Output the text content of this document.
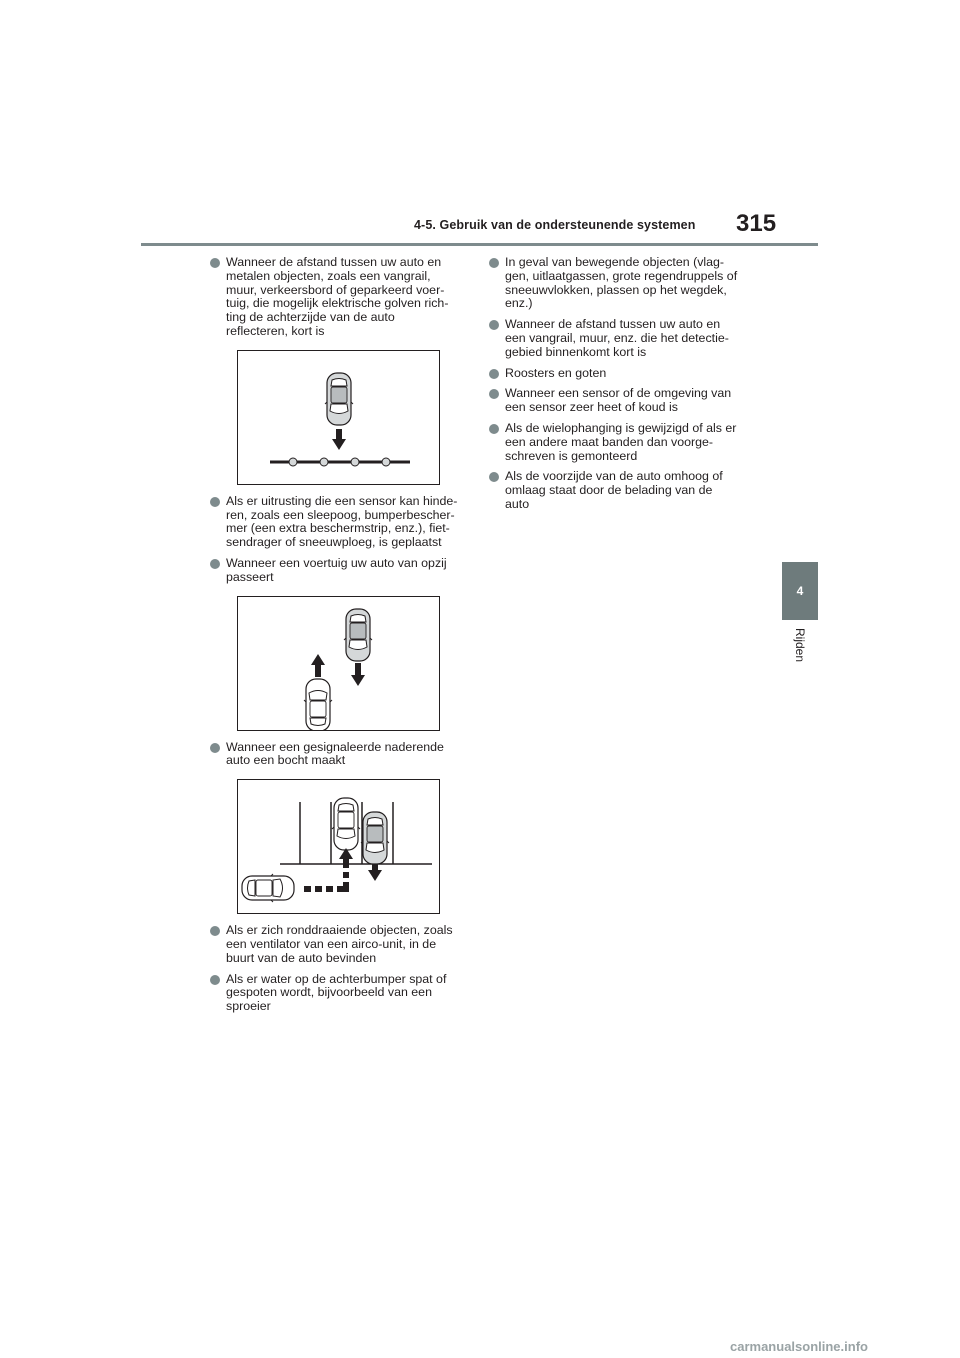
4-5. Gebruik van de ondersteunende systemen 315
4
Rijden
Wanneer de afstand tussen uw auto en metalen objecten, zoals een vangrail, muur, verkeersbord of geparkeerd voer-tuig, die mogelijk elektrische golven rich-ting de achterzijde van de auto reflecteren, kort is
Als er uitrusting die een sensor kan hinde-ren, zoals een sleepoog, bumperbescher-mer (een extra beschermstrip, enz.), fiet-sendrager of sneeuwploeg, is geplaatst
Wanneer een voertuig uw auto van opzij passeert
Wanneer een gesignaleerde naderende auto een bocht maakt
Als er zich ronddraaiende objecten, zoals een ventilator van een airco-unit, in de buurt van de auto bevinden
Als er water op de achterbumper spat of gespoten wordt, bijvoorbeeld van een sproeier
In geval van bewegende objecten (vlag-gen, uitlaatgassen, grote regendruppels of sneeuwvlokken, plassen op het wegdek, enz.)
Wanneer de afstand tussen uw auto en een vangrail, muur, enz. die het detectie-gebied binnenkomt kort is
Roosters en goten
Wanneer een sensor of de omgeving van een sensor zeer heet of koud is
Als de wielophanging is gewijzigd of als er een andere maat banden dan voorge-schreven is gemonteerd
Als de voorzijde van de auto omhoog of omlaag staat door de belading van de auto
carmanualsonline.info
